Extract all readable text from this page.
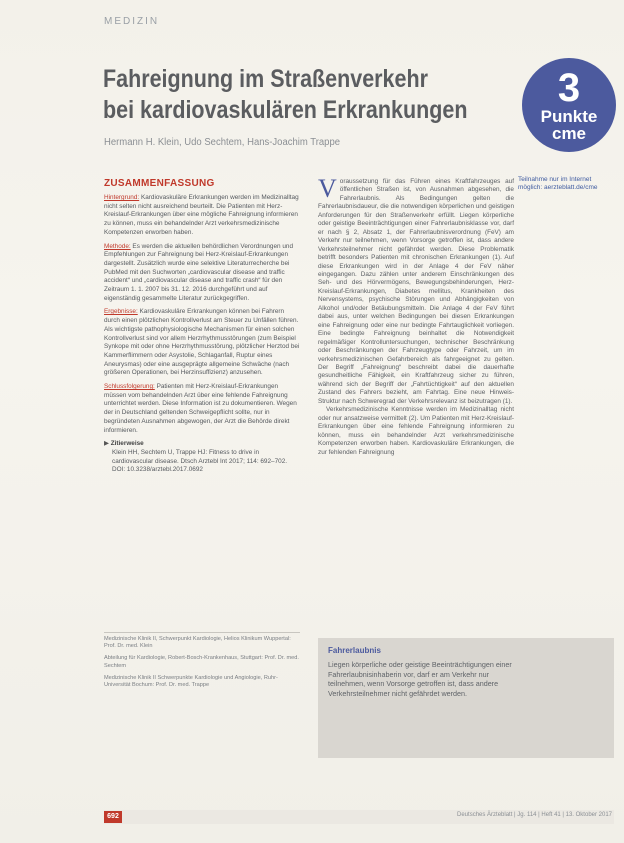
MEDIZIN
Fahreignung im Straßenverkehr
bei kardiovaskulären Erkrankungen
Hermann H. Klein, Udo Sechtem, Hans-Joachim Trappe
3
Punkte
cme
Teilnahme nur im Internet möglich: aerzteblatt.de/cme
ZUSAMMENFASSUNG

Hintergrund: Kardiovaskuläre Erkrankungen werden im Medizinalltag nicht selten nicht ausreichend beurteilt. Die Patienten mit Herz-Kreislauf-Erkrankungen über eine mögliche Fahreignung informieren zu können, muss ein behandelnder Arzt verkehrsmedizinische Kompetenzen erworben haben.

Methode: Es werden die aktuellen behördlichen Verordnungen und Empfehlungen zur Fahreignung bei Herz-Kreislauf-Erkrankungen dargestellt. Zusätzlich wurde eine selektive Literaturrecherche bei PubMed mit den Suchworten „cardiovascular disease and traffic accident“ und „cardiovascular disease and traffic crash“ für den Zeitraum 1. 1. 2007 bis 31. 12. 2016 durchgeführt und auf eigenständig gesammelte Literatur zurückgegriffen.

Ergebnisse: Kardiovaskuläre Erkrankungen können bei Fahrern durch einen plötzlichen Kontrollverlust am Steuer zu Unfällen führen. Als wichtigste pathophysiologische Mechanismen für einen solchen Kontrollverlust sind vor allem Herzrhythmusstörungen (zum Beispiel Synkope mit oder ohne Herzrhythmusstörung, plötzlicher Herztod bei Kammerflimmern oder Asystolie, Schlaganfall, Ruptur eines Aneurysmas) oder eine ausgeprägte allgemeine Schwäche (nach größeren Operationen, bei Herzinsuffizienz) anzusehen.

Schlussfolgerung: Patienten mit Herz-Kreislauf-Erkrankungen müssen vom behandelnden Arzt über eine fehlende Fahreignung unterrichtet werden. Diese Information ist zu dokumentieren. Wegen der in Deutschland geltenden Schweigepflicht sollte, nur in begründeten Ausnahmen abgewogen, der Arzt die Behörde direkt informieren.

▶ Zitierweise
Klein HH, Sechtem U, Trappe HJ: Fitness to drive in cardiovascular disease. Dtsch Arztebl Int 2017; 114: 692–702. DOI: 10.3238/arztebl.2017.0692

Voraussetzung für das Führen eines Kraftfahrzeuges auf öffentlichen Straßen ist, von Ausnahmen abgesehen, die Fahrerlaubnis. Als Bedingungen gelten die Fahrerlaubnisdaueur, die die notwendigen körperlichen und geistigen Anforderungen für den Straßenverkehr erfüllt. Liegen körperliche oder geistige Beeinträchtigungen einer Fahrerlaubnisklasse vor, darf er nach § 2, Absatz 1, der Fahrerlaubnisverordnung (FeV) am Verkehr nur teilnehmen, wenn Vorsorge getroffen ist, dass andere Verkehrsteilnehmer nicht gefährdet werden. Diese Problematik betrifft besonders Patienten mit chronischen Erkrankungen (1). Auf diese Erkrankungen wird in der Anlage 4 der FeV näher eingegangen. Dazu zählen unter anderem Einschränkungen des Seh- und des Hörvermögens, Bewegungsbehinderungen, Herz-Kreislauf-Erkrankungen, Diabetes mellitus, Krankheiten des Nervensystems, psychische Störungen und Abhängigkeiten von Alkohol und/oder Betäubungsmitteln. Die Anlage 4 der FeV führt dabei aus, unter welchen Bedingungen bei diesen Erkrankungen eine Fahreignung oder eine nur bedingte Fahrtauglichkeit vorliegen. Eine bedingte Fahreignung beinhaltet die Notwendigkeit regelmäßiger Kontrolluntersuchungen, technischer Beschränkung oder Beschränkungen der Fahrzeugtype oder Fahrzeit, um im verkehrsmedizinischen Gefahrbereich als fahrgeeignet zu gelten. Der Begriff „Fahreignung“ beschreibt dabei die dauerhafte gesundheitliche Fähigkeit, ein Kraftfahrzeug sicher zu führen, während sich der Begriff der „Fahrtüchtigkeit“ auf den aktuellen Zustand des Fahrers bezieht, am Fahrtag. Eine neue Hinweis-Struktur nach Schweregrad der Verkehrsrelevanz ist beizutragen (1).

Verkehrsmedizinische Kenntnisse werden im Medizinalltag nicht oder nur ansatzweise vermittelt (2). Um Patienten mit Herz-Kreislauf-Erkrankungen über eine fehlende Fahreignung informieren zu können, muss ein behandelnder Arzt verkehrsmedizinische Kompetenzen erworben haben. Kardiovaskuläre Erkrankungen, die zur fehlenden Fahreignung

Medizinische Klinik II, Schwerpunkt Kardiologie, Helios Klinikum Wuppertal: Prof. Dr. med. Klein

Abteilung für Kardiologie, Robert-Bosch-Krankenhaus, Stuttgart: Prof. Dr. med. Sechtem

Medizinische Klinik II Schwerpunkte Kardiologie und Angiologie, Ruhr-Universität Bochum: Prof. Dr. med. Trappe

Fahrerlaubnis
Liegen körperliche oder geistige Beeinträchtigungen einer Fahrerlaubnisinhaberin vor, darf er am Verkehr nur teilnehmen, wenn Vorsorge getroffen ist, dass andere Verkehrsteilnehmer nicht gefährdet werden.
692	Deutsches Ärzteblatt | Jg. 114 | Heft 41 | 13. Oktober 2017
